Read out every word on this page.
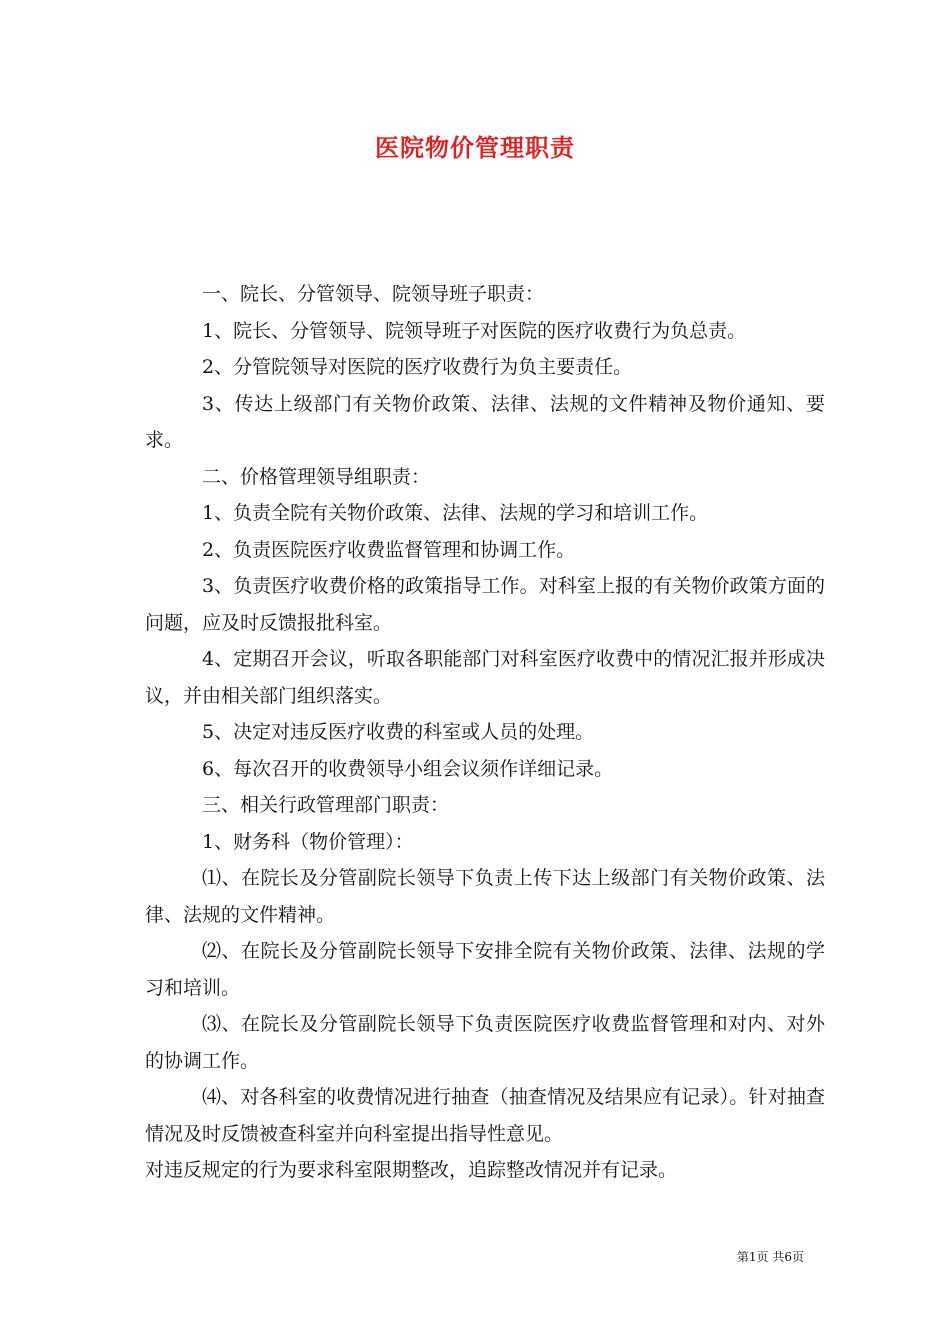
医院物价管理职责

一、院长、分管领导、院领导班子职责：

1、院长、分管领导、院领导班子对医院的医疗收费行为负总责。

2、分管院领导对医院的医疗收费行为负主要责任。

3、传达上级部门有关物价政策、法律、法规的文件精神及物价通知、要求。

二、价格管理领导组职责：

1、负责全院有关物价政策、法律、法规的学习和培训工作。

2、负责医院医疗收费监督管理和协调工作。

3、负责医疗收费价格的政策指导工作。对科室上报的有关物价政策方面的问题，应及时反馈报批科室。

4、定期召开会议，听取各职能部门对科室医疗收费中的情况汇报并形成决议，并由相关部门组织落实。

5、决定对违反医疗收费的科室或人员的处理。

6、每次召开的收费领导小组会议须作详细记录。

三、相关行政管理部门职责：

1、财务科（物价管理）：

⑴、在院长及分管副院长领导下负责上传下达上级部门有关物价政策、法律、法规的文件精神。

⑵、在院长及分管副院长领导下安排全院有关物价政策、法律、法规的学习和培训。

⑶、在院长及分管副院长领导下负责医院医疗收费监督管理和对内、对外的协调工作。

⑷、对各科室的收费情况进行抽查（抽查情况及结果应有记录）。针对抽查情况及时反馈被查科室并向科室提出指导性意见。

对违反规定的行为要求科室限期整改，追踪整改情况并有记录。

第1页 共6页
